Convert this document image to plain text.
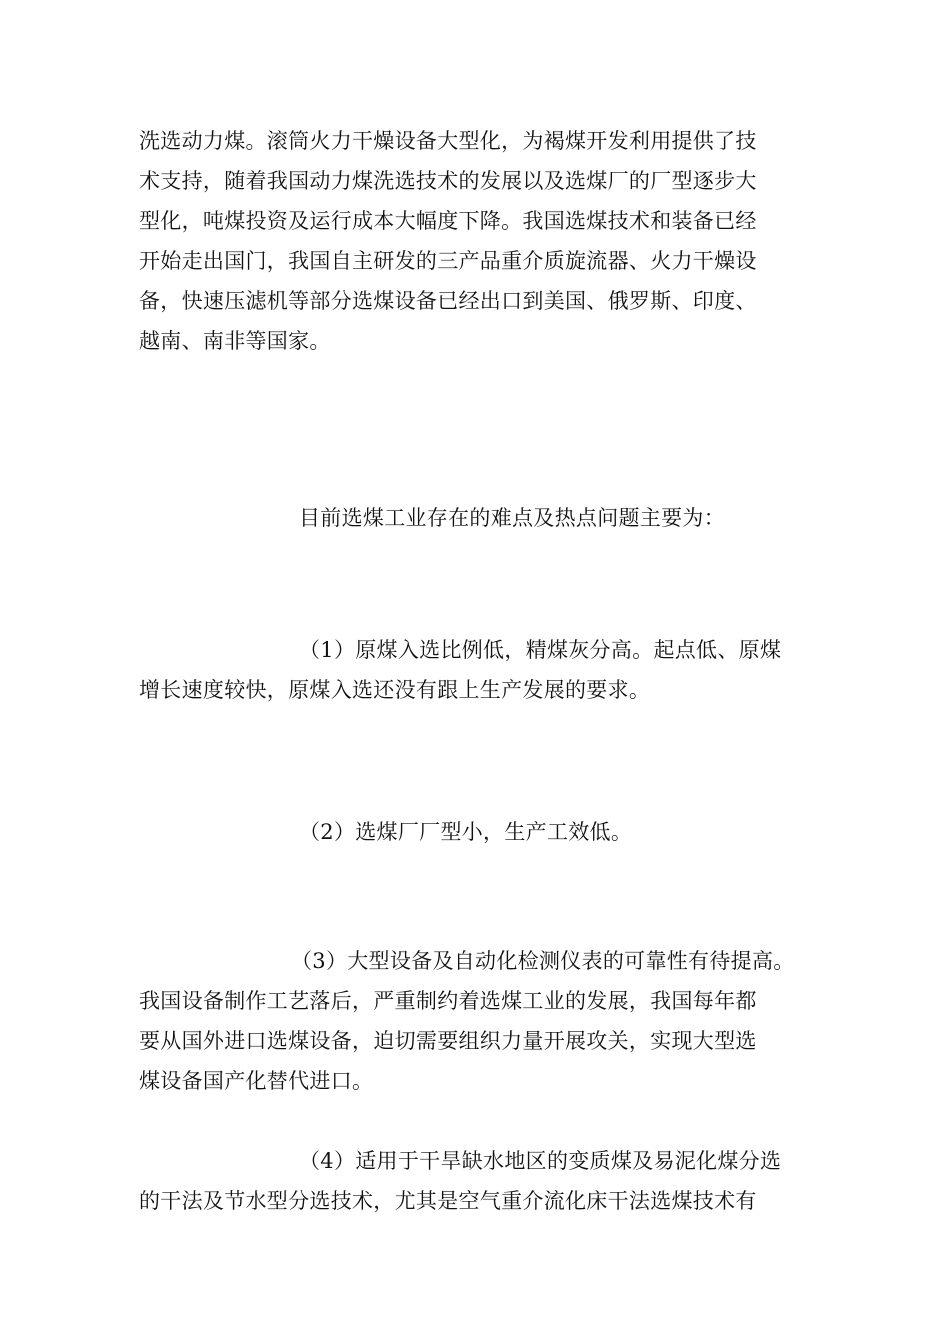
洗选动力煤。滚筒火力干燥设备大型化，为褐煤开发利用提供了技
术支持，随着我国动力煤洗选技术的发展以及选煤厂的厂型逐步大
型化，吨煤投资及运行成本大幅度下降。我国选煤技术和装备已经
开始走出国门，我国自主研发的三产品重介质旋流器、火力干燥设
备，快速压滤机等部分选煤设备已经出口到美国、俄罗斯、印度、
越南、南非等国家。

目前选煤工业存在的难点及热点问题主要为：

（1）原煤入选比例低，精煤灰分高。起点低、原煤
增长速度较快，原煤入选还没有跟上生产发展的要求。

（2）选煤厂厂型小，生产工效低。

（3）大型设备及自动化检测仪表的可靠性有待提高。
我国设备制作工艺落后，严重制约着选煤工业的发展，我国每年都
要从国外进口选煤设备，迫切需要组织力量开展攻关，实现大型选
煤设备国产化替代进口。

（4）适用于干旱缺水地区的变质煤及易泥化煤分选
的干法及节水型分选技术，尤其是空气重介流化床干法选煤技术有
